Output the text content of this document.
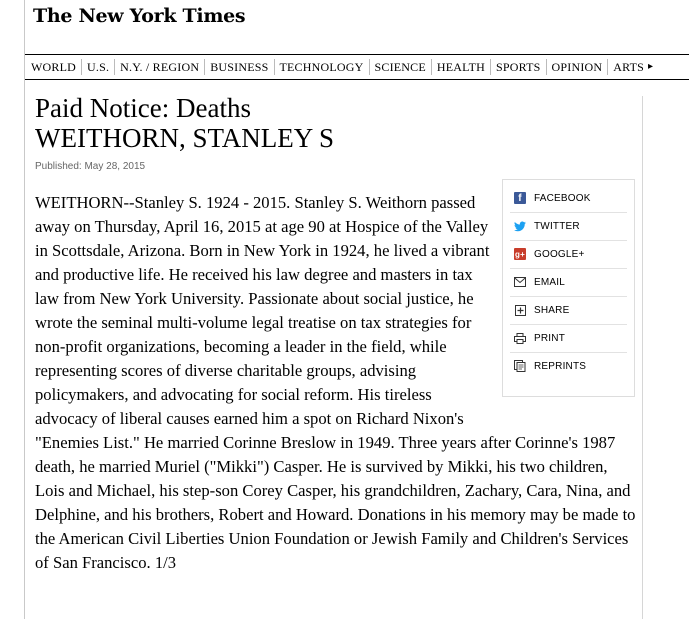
The New York Times
WORLD U.S. N.Y. / REGION BUSINESS TECHNOLOGY SCIENCE HEALTH SPORTS OPINION ARTS ▸
Paid Notice: Deaths
WEITHORN, STANLEY S
Published: May 28, 2015

WEITHORN--Stanley S. 1924 - 2015. Stanley S. Weithorn passed away on Thursday, April 16, 2015 at age 90 at Hospice of the Valley in Scottsdale, Arizona. Born in New York in 1924, he lived a vibrant and productive life. He received his law degree and masters in tax law from New York University. Passionate about social justice, he wrote the seminal multi-volume legal treatise on tax strategies for non-profit organizations, becoming a leader in the field, while representing scores of diverse charitable groups, advising policymakers, and advocating for social reform. His tireless advocacy of liberal causes earned him a spot on Richard Nixon's "Enemies List." He married Corinne Breslow in 1949. Three years after Corinne's 1987 death, he married Muriel ("Mikki") Casper. He is survived by Mikki, his two children, Lois and Michael, his step-son Corey Casper, his grandchildren, Zachary, Cara, Nina, and Delphine, and his brothers, Robert and Howard. Donations in his memory may be made to the American Civil Liberties Union Foundation or Jewish Family and Children's Services of San Francisco. 1/3

f	FACEBOOK
TWITTER
g+ GOOGLE+
EMAIL
SHARE
PRINT
REPRINTS
